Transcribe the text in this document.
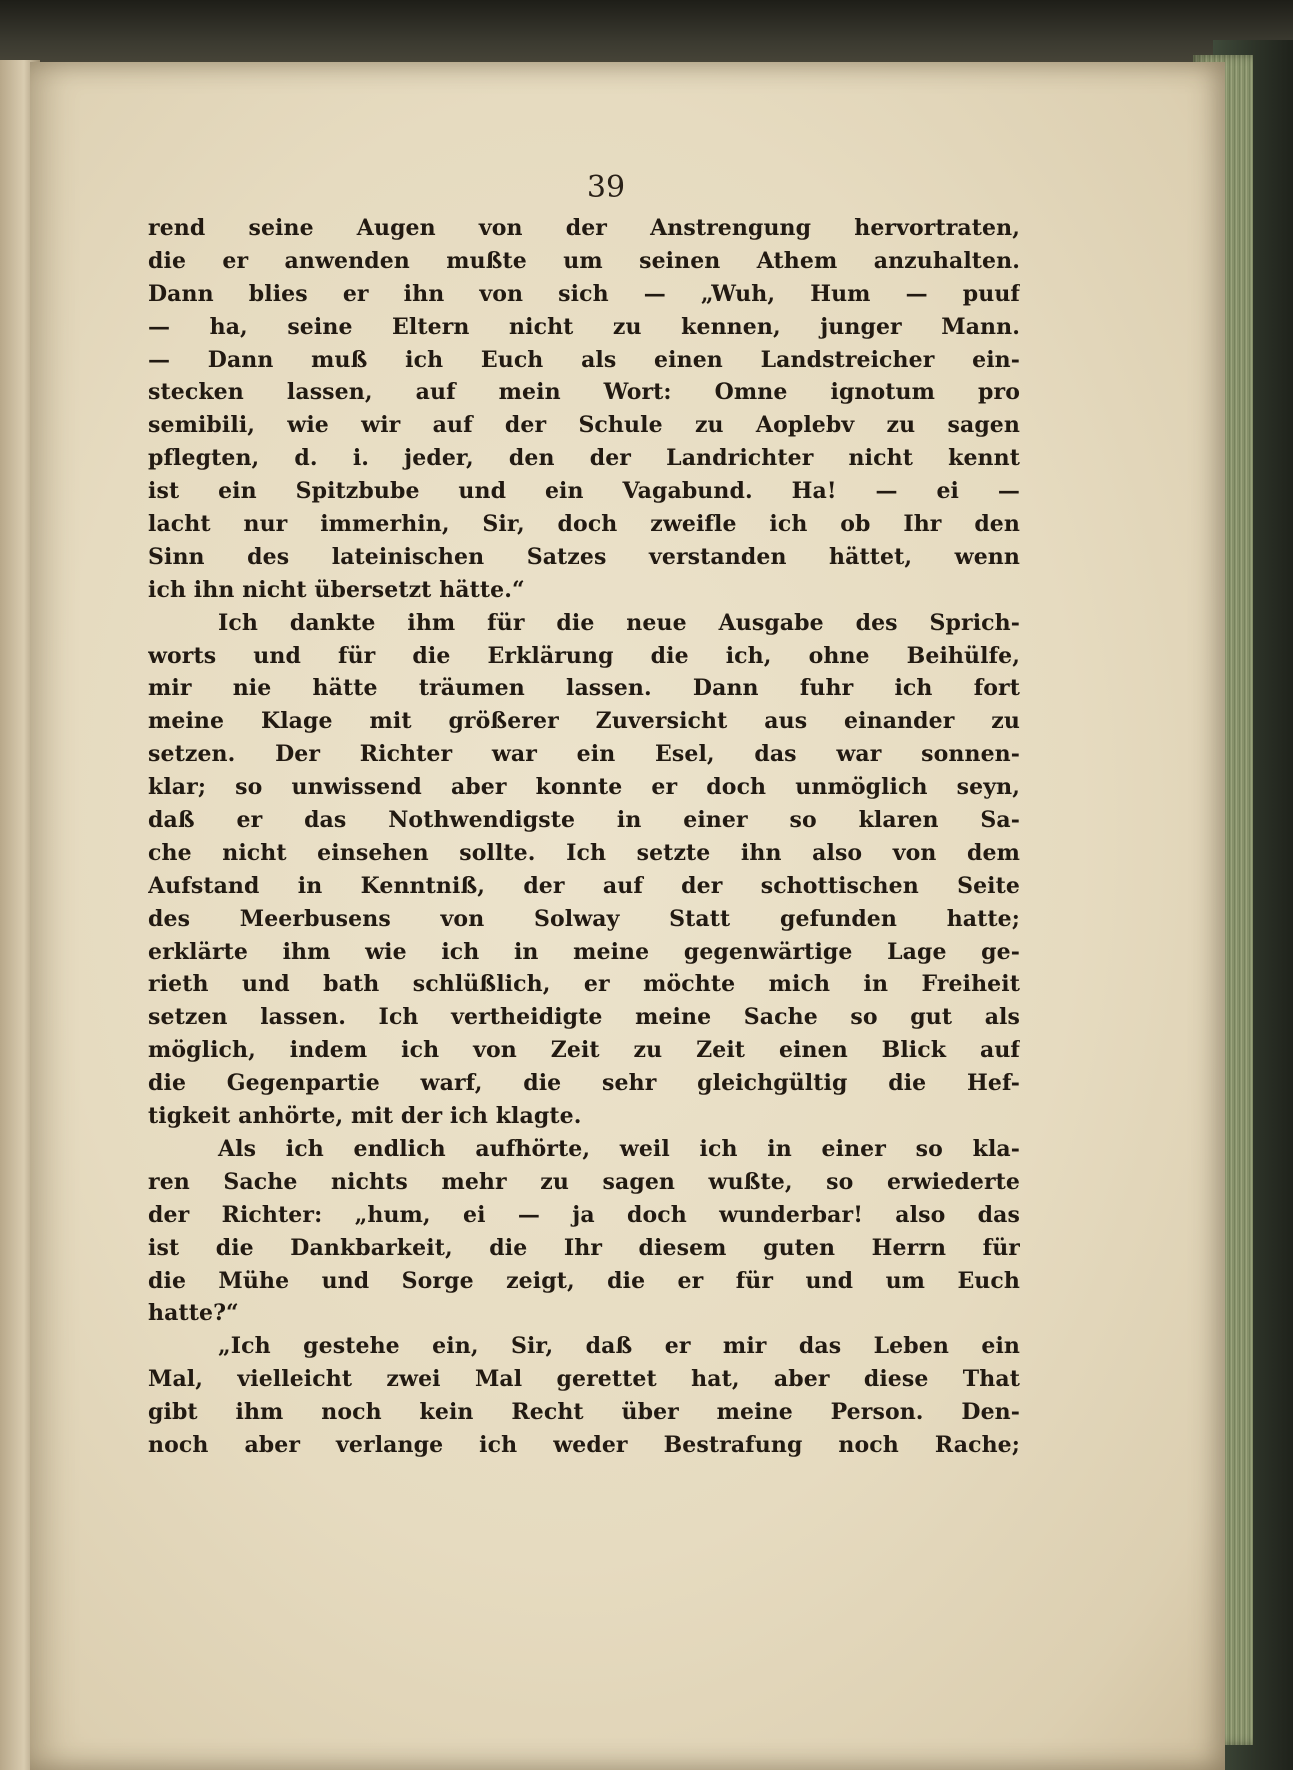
39
rend seine Augen von der Anstrengung hervortraten,
die er anwenden mußte um seinen Athem anzuhalten.
Dann blies er ihn von sich — „Wuh, Hum — puuf
— ha, seine Eltern nicht zu kennen, junger Mann.
— Dann muß ich Euch als einen Landstreicher ein-
stecken lassen, auf mein Wort: Omne ignotum pro
semibili, wie wir auf der Schule zu Aoplebv zu sagen
pflegten, d. i. jeder, den der Landrichter nicht kennt
ist ein Spitzbube und ein Vagabund. Ha! — ei —
lacht nur immerhin, Sir, doch zweifle ich ob Ihr den
Sinn des lateinischen Satzes verstanden hättet, wenn
ich ihn nicht übersetzt hätte.“
Ich dankte ihm für die neue Ausgabe des Sprich-
worts und für die Erklärung die ich, ohne Beihülfe,
mir nie hätte träumen lassen. Dann fuhr ich fort
meine Klage mit größerer Zuversicht aus einander zu
setzen. Der Richter war ein Esel, das war sonnen-
klar; so unwissend aber konnte er doch unmöglich seyn,
daß er das Nothwendigste in einer so klaren Sa-
che nicht einsehen sollte. Ich setzte ihn also von dem
Aufstand in Kenntniß, der auf der schottischen Seite
des Meerbusens von Solway Statt gefunden hatte;
erklärte ihm wie ich in meine gegenwärtige Lage ge-
rieth und bath schlüßlich, er möchte mich in Freiheit
setzen lassen. Ich vertheidigte meine Sache so gut als
möglich, indem ich von Zeit zu Zeit einen Blick auf
die Gegenpartie warf, die sehr gleichgültig die Hef-
tigkeit anhörte, mit der ich klagte.
Als ich endlich aufhörte, weil ich in einer so kla-
ren Sache nichts mehr zu sagen wußte, so erwiederte
der Richter: „hum, ei — ja doch wunderbar! also das
ist die Dankbarkeit, die Ihr diesem guten Herrn für
die Mühe und Sorge zeigt, die er für und um Euch
hatte?“
„Ich gestehe ein, Sir, daß er mir das Leben ein
Mal, vielleicht zwei Mal gerettet hat, aber diese That
gibt ihm noch kein Recht über meine Person. Den-
noch aber verlange ich weder Bestrafung noch Rache;
